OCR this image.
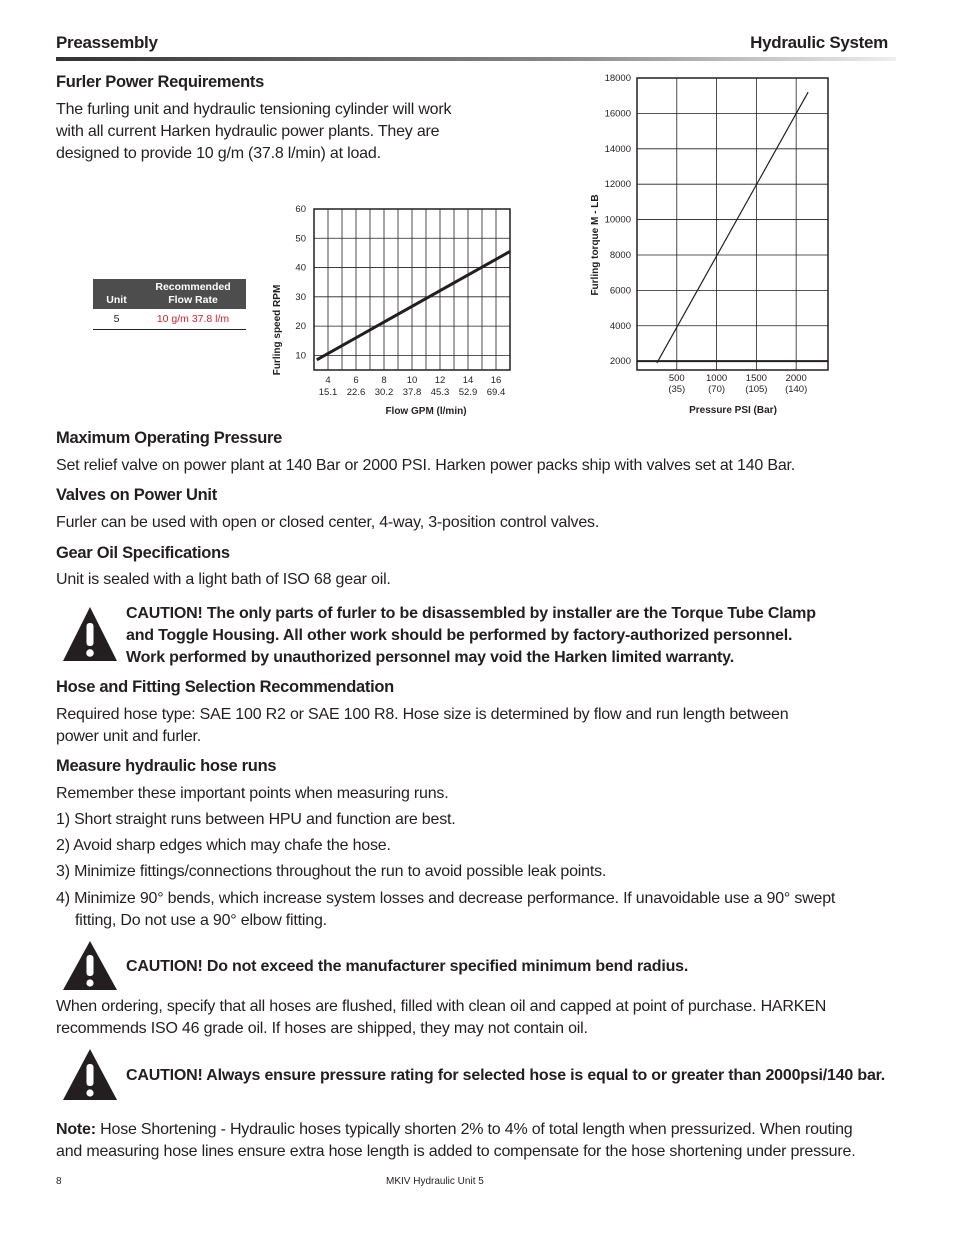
Preassembly	Hydraulic System
Furler Power Requirements
The furling unit and hydraulic tensioning cylinder will work
with all current Harken hydraulic power plants. They are
designed to provide 10 g/m (37.8 l/min) at load.
Unit	Recommended
Flow Rate
5	10 g/m 37.8 l/m
10
20
30
40
50
60
4
15.1
6
22.6
8
30.2
10
37.8
12
45.3
14
52.9
16
69.4
Furling speed RPM
Flow GPM (l/min)
2000
4000
6000
8000
10000
12000
14000
16000
18000
500
(35)
1000
(70)
1500
(105)
2000
(140)
Furling torque M - LB
Pressure PSI (Bar)
Maximum Operating Pressure
Set relief valve on power plant at 140 Bar or 2000 PSI. Harken power packs ship with valves set at 140 Bar.
Valves on Power Unit
Furler can be used with open or closed center, 4-way, 3-position control valves.
Gear Oil Specifications
Unit is sealed with a light bath of ISO 68 gear oil.
CAUTION! The only parts of furler to be disassembled by installer are the Torque Tube Clamp
and Toggle Housing. All other work should be performed by factory-authorized personnel.
Work performed by unauthorized personnel may void the Harken limited warranty.
Hose and Fitting Selection Recommendation
Required hose type: SAE 100 R2 or SAE 100 R8. Hose size is determined by flow and run length between
power unit and furler.
Measure hydraulic hose runs
Remember these important points when measuring runs.
1) Short straight runs between HPU and function are best.
2) Avoid sharp edges which may chafe the hose.
3) Minimize fittings/connections throughout the run to avoid possible leak points.
4) Minimize 90° bends, which increase system losses and decrease performance. If unavoidable use a 90° swept
fitting, Do not use a 90° elbow fitting.
CAUTION! Do not exceed the manufacturer specified minimum bend radius.
When ordering, specify that all hoses are flushed, filled with clean oil and capped at point of purchase. HARKEN
recommends ISO 46 grade oil. If hoses are shipped, they may not contain oil.
CAUTION! Always ensure pressure rating for selected hose is equal to or greater than 2000psi/140 bar.
Note: Hose Shortening - Hydraulic hoses typically shorten 2% to 4% of total length when pressurized. When routing
and measuring hose lines ensure extra hose length is added to compensate for the hose shortening under pressure.
8	MKIV Hydraulic Unit 5
